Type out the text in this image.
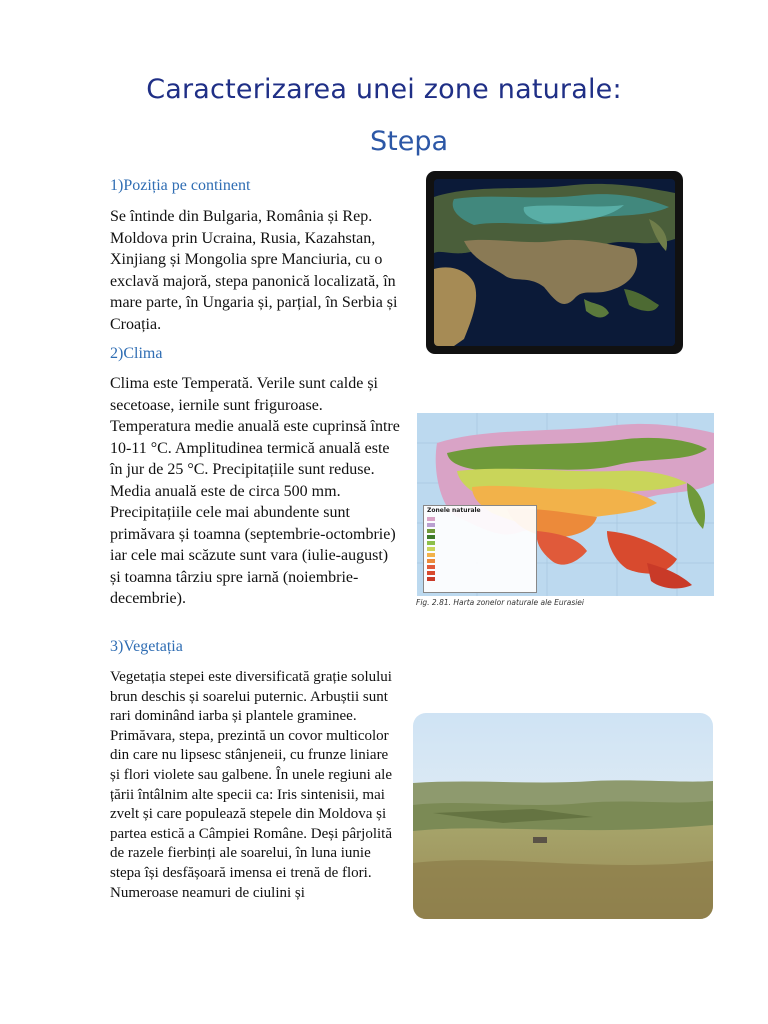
Caracterizarea unei zone naturale:
Stepa
1)Poziția pe continent
Se întinde din Bulgaria, România și Rep. Moldova prin Ucraina, Rusia, Kazahstan, Xinjiang și Mongolia spre Manciuria, cu o exclavă majoră, stepa panonică localizată, în mare parte, în Ungaria și, parțial, în Serbia și Croația.
2)Clima
Clima este Temperată. Verile sunt calde și secetoase, iernile sunt friguroase. Temperatura medie anuală este cuprinsă între 10-11 °C. Amplitudinea termică anuală este în jur de 25 °C. Precipitațiile sunt reduse. Media anuală este de circa 500 mm. Precipitațiile cele mai abundente sunt primăvara și toamna (septembrie-octombrie) iar cele mai scăzute sunt vara (iulie-august) și toamna târziu spre iarnă (noiembrie-decembrie).
3)Vegetația
Vegetația stepei este diversificată grație solului brun deschis și soarelui puternic. Arbuștii sunt rari dominând iarba și plantele graminee. Primăvara, stepa, prezintă un covor multicolor din care nu lipsesc stânjeneii, cu frunze liniare și flori violete sau galbene. În unele regiuni ale țării întâlnim alte specii ca: Iris sintenisii, mai zvelt și care populează stepele din Moldova și partea estică a Câmpiei Române. Deși pârjolită de razele fierbinți ale soarelui, în luna iunie stepa își desfășoară imensa ei trenă de flori. Numeroase neamuri de ciulini și
Zonele naturale
Fig. 2.81. Harta zonelor naturale ale Eurasiei
